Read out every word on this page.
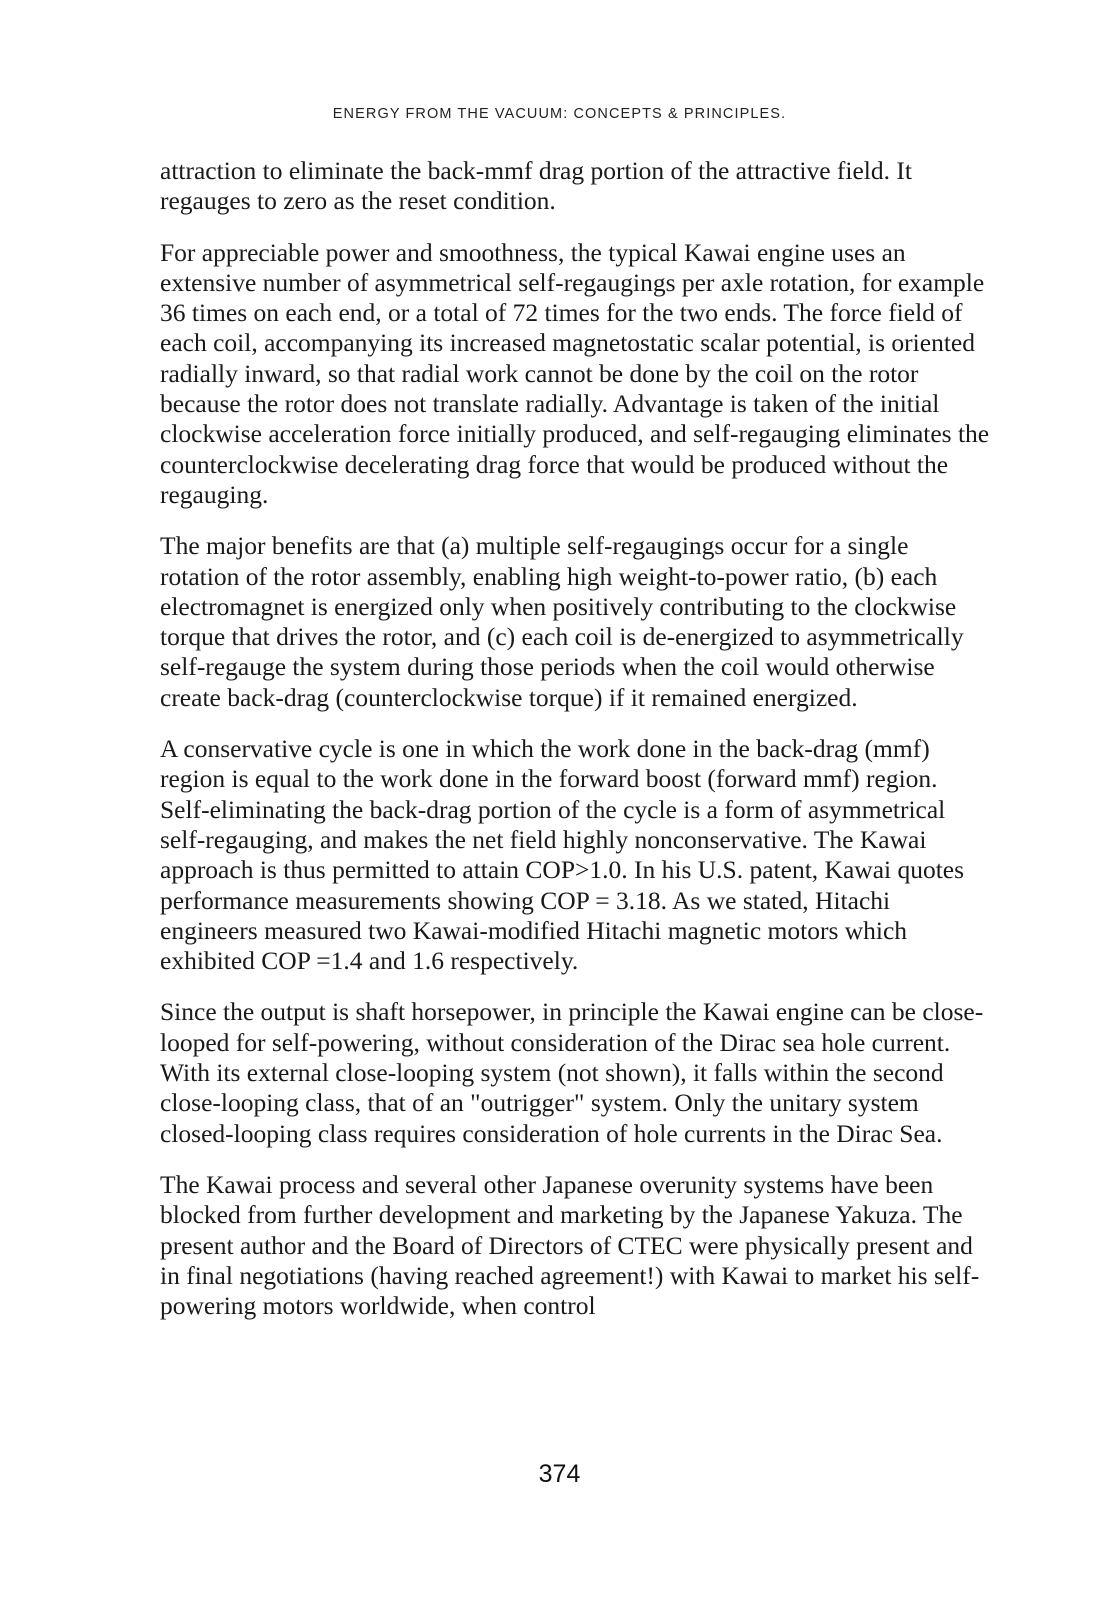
ENERGY FROM THE VACUUM: CONCEPTS & PRINCIPLES.

attraction to eliminate the back-mmf drag portion of the attractive field. It regauges to zero as the reset condition.

For appreciable power and smoothness, the typical Kawai engine uses an extensive number of asymmetrical self-regaugings per axle rotation, for example 36 times on each end, or a total of 72 times for the two ends. The force field of each coil, accompanying its increased magnetostatic scalar potential, is oriented radially inward, so that radial work cannot be done by the coil on the rotor because the rotor does not translate radially. Advantage is taken of the initial clockwise acceleration force initially produced, and self-regauging eliminates the counterclockwise decelerating drag force that would be produced without the regauging.

The major benefits are that (a) multiple self-regaugings occur for a single rotation of the rotor assembly, enabling high weight-to-power ratio, (b) each electromagnet is energized only when positively contributing to the clockwise torque that drives the rotor, and (c) each coil is de-energized to asymmetrically self-regauge the system during those periods when the coil would otherwise create back-drag (counterclockwise torque) if it remained energized.

A conservative cycle is one in which the work done in the back-drag (mmf) region is equal to the work done in the forward boost (forward mmf) region. Self-eliminating the back-drag portion of the cycle is a form of asymmetrical self-regauging, and makes the net field highly nonconservative. The Kawai approach is thus permitted to attain COP>1.0. In his U.S. patent, Kawai quotes performance measurements showing COP = 3.18. As we stated, Hitachi engineers measured two Kawai-modified Hitachi magnetic motors which exhibited COP =1.4 and 1.6 respectively.

Since the output is shaft horsepower, in principle the Kawai engine can be close-looped for self-powering, without consideration of the Dirac sea hole current. With its external close-looping system (not shown), it falls within the second close-looping class, that of an "outrigger" system. Only the unitary system closed-looping class requires consideration of hole currents in the Dirac Sea.

The Kawai process and several other Japanese overunity systems have been blocked from further development and marketing by the Japanese Yakuza. The present author and the Board of Directors of CTEC were physically present and in final negotiations (having reached agreement!) with Kawai to market his self-powering motors worldwide, when control

374
